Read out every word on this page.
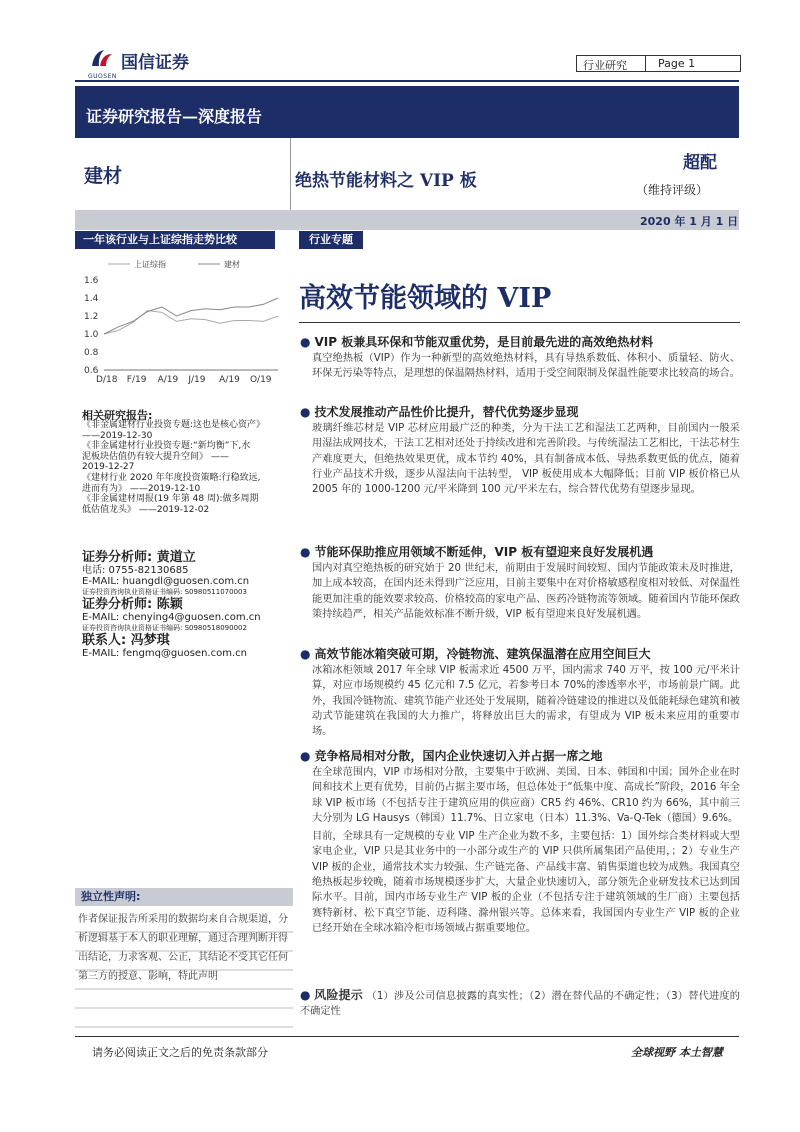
国信证券
GUOSEN
行业研究	Page 1
证券研究报告—深度报告
建材	绝热节能材料之 VIP 板
超配
（维持评级）
2020 年 1 月 1 日
一年该行业与上证综指走势比较
上证综指	建材
1.6
1.4
1.2
1.0
0.8
0.6
D/18 F/19 A/19 J/19 A/19 O/19
相关研究报告:
《非金属建材行业投资专题:这也是核心资产》
——2019-12-30
《非金属建材行业投资专题:“新均衡”下,水
泥板块估值仍有较大提升空间》 ——
2019-12-27
《建材行业 2020 年年度投资策略:行稳致远,
进而有为》 ——2019-12-10
《非金属建材周报(19 年第 48 周):做多周期
低估值龙头》 ——2019-12-02
证券分析师: 黄道立
电话: 0755-82130685
E-MAIL: huangdl@guosen.com.cn
证券投资咨询执业资格证书编码: S0980511070003
证券分析师: 陈颖
E-MAIL: chenying4@guosen.com.cn
证券投资咨询执业资格证书编码: S0980518090002
联系人: 冯梦琪
E-MAIL: fengmq@guosen.com.cn
独立性声明:
作者保证报告所采用的数据均来自合规渠道，分析逻辑基于本人的职业理解，通过合理判断并得出结论，力求客观、公正，其结论不受其它任何第三方的授意、影响，特此声明
行业专题
高效节能领域的 VIP
● VIP 板兼具环保和节能双重优势，是目前最先进的高效绝热材料
真空绝热板（VIP）作为一种新型的高效绝热材料，具有导热系数低、体积小、质量轻、防火、环保无污染等特点，是理想的保温隔热材料，适用于受空间限制及保温性能要求比较高的场合。
● 技术发展推动产品性价比提升，替代优势逐步显现
玻璃纤维芯材是 VIP 芯材应用最广泛的种类，分为干法工艺和湿法工艺两种，目前国内一般采用湿法成网技术，干法工艺相对还处于持续改进和完善阶段。与传统湿法工艺相比，干法芯材生产难度更大，但绝热效果更优，成本节约 40%，具有制备成本低、导热系数更低的优点，随着行业产品技术升级，逐步从湿法向干法转型， VIP 板使用成本大幅降低；目前 VIP 板价格已从 2005 年的 1000-1200 元/平米降到 100 元/平米左右，综合替代优势有望逐步显现。
● 节能环保助推应用领域不断延伸，VIP 板有望迎来良好发展机遇
国内对真空绝热板的研究始于 20 世纪末，前期由于发展时间较短、国内节能政策未及时推进，加上成本较高，在国内还未得到广泛应用，目前主要集中在对价格敏感程度相对较低、对保温性能更加注重的能效要求较高、价格较高的家电产品、医药冷链物流等领域。随着国内节能环保政策持续趋严，相关产品能效标准不断升级，VIP 板有望迎来良好发展机遇。
● 高效节能冰箱突破可期，冷链物流、建筑保温潜在应用空间巨大
冰箱冰柜领域 2017 年全球 VIP 板需求近 4500 万平，国内需求 740 万平，按 100 元/平米计算，对应市场规模约 45 亿元和 7.5 亿元，若参考日本 70%的渗透率水平，市场前景广阔。此外，我国冷链物流、建筑节能产业还处于发展期，随着冷链建设的推进以及低能耗绿色建筑和被动式节能建筑在我国的大力推广，将释放出巨大的需求，有望成为 VIP 板未来应用的重要市场。
● 竞争格局相对分散，国内企业快速切入并占据一席之地
在全球范围内，VIP 市场相对分散，主要集中于欧洲、美国、日本、韩国和中国；国外企业在时间和技术上更有优势，目前仍占据主要市场，但总体处于“低集中度、高成长”阶段，2016 年全球 VIP 板市场（不包括专注于建筑应用的供应商）CR5 约 46%、CR10 约为 66%，其中前三大分别为 LG Hausys（韩国）11.7%、日立家电（日本）11.3%、Va-Q-Tek（德国）9.6%。
目前，全球具有一定规模的专业 VIP 生产企业为数不多，主要包括：1）国外综合类材料或大型家电企业，VIP 只是其业务中的一小部分或生产的 VIP 只供所属集团产品使用，；2）专业生产 VIP 板的企业，通常技术实力较强、生产链完备、产品线丰富、销售渠道也较为成熟。我国真空绝热板起步较晚，随着市场规模逐步扩大，大量企业快速切入，部分领先企业研发技术已达到国际水平。目前，国内市场专业生产 VIP 板的企业（不包括专注于建筑领域的生厂商）主要包括赛特新材、松下真空节能、迈科隆、滁州银兴等。总体来看，我国国内专业生产 VIP 板的企业已经开始在全球冰箱冷柜市场领域占据重要地位。
● 风险提示 （1）涉及公司信息披露的真实性；（2）潜在替代品的不确定性；（3）替代进度的不确定性
请务必阅读正文之后的免责条款部分	全球视野 本土智慧
